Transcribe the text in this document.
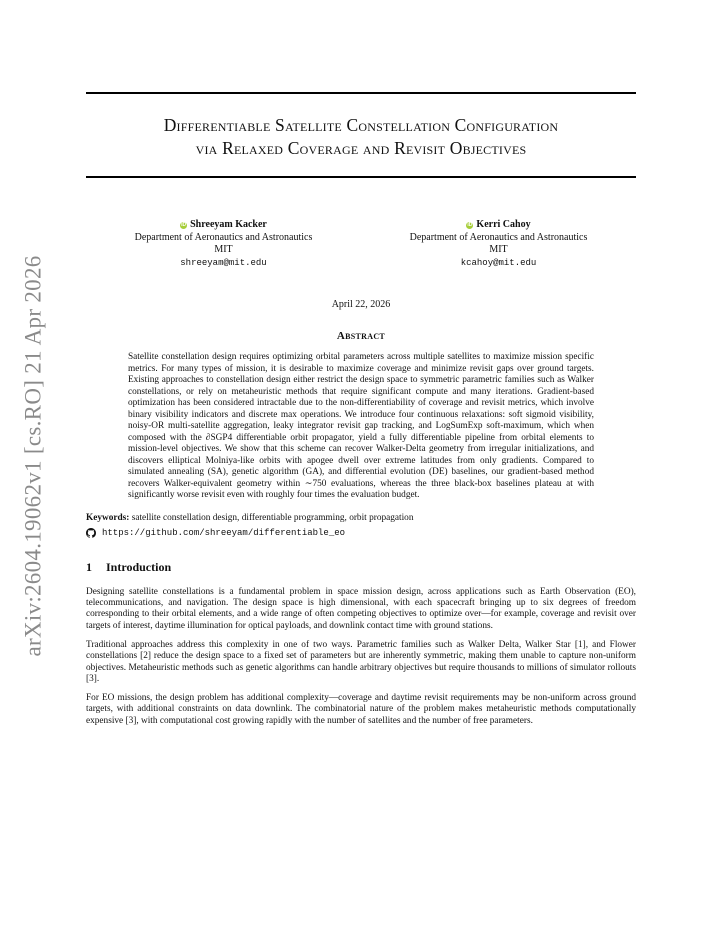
arXiv:2604.19062v1 [cs.RO] 21 Apr 2026
Differentiable Satellite Constellation Configuration
via Relaxed Coverage and Revisit Objectives
iD Shreeyam Kacker
Department of Aeronautics and Astronautics
MIT
shreeyam@mit.edu
iD Kerri Cahoy
Department of Aeronautics and Astronautics
MIT
kcahoy@mit.edu
April 22, 2026
Abstract
Satellite constellation design requires optimizing orbital parameters across multiple satellites to maximize mission specific metrics. For many types of mission, it is desirable to maximize coverage and minimize revisit gaps over ground targets. Existing approaches to constellation design either restrict the design space to symmetric parametric families such as Walker constellations, or rely on metaheuristic methods that require significant compute and many iterations. Gradient-based optimization has been considered intractable due to the non-differentiability of coverage and revisit metrics, which involve binary visibility indicators and discrete max operations. We introduce four continuous relaxations: soft sigmoid visibility, noisy-OR multi-satellite aggregation, leaky integrator revisit gap tracking, and LogSumExp soft-maximum, which when composed with the ∂SGP4 differentiable orbit propagator, yield a fully differentiable pipeline from orbital elements to mission-level objectives. We show that this scheme can recover Walker-Delta geometry from irregular initializations, and discovers elliptical Molniya-like orbits with apogee dwell over extreme latitudes from only gradients. Compared to simulated annealing (SA), genetic algorithm (GA), and differential evolution (DE) baselines, our gradient-based method recovers Walker-equivalent geometry within ∼750 evaluations, whereas the three black-box baselines plateau at with significantly worse revisit even with roughly four times the evaluation budget.
Keywords: satellite constellation design, differentiable programming, orbit propagation
https://github.com/shreeyam/differentiable_eo
1 Introduction
Designing satellite constellations is a fundamental problem in space mission design, across applications such as Earth Observation (EO), telecommunications, and navigation. The design space is high dimensional, with each spacecraft bringing up to six degrees of freedom corresponding to their orbital elements, and a wide range of often competing objectives to optimize over—for example, coverage and revisit over targets of interest, daytime illumination for optical payloads, and downlink contact time with ground stations.
Traditional approaches address this complexity in one of two ways. Parametric families such as Walker Delta, Walker Star [1], and Flower constellations [2] reduce the design space to a fixed set of parameters but are inherently symmetric, making them unable to capture non-uniform objectives. Metaheuristic methods such as genetic algorithms can handle arbitrary objectives but require thousands to millions of simulator rollouts [3].
For EO missions, the design problem has additional complexity—coverage and daytime revisit requirements may be non-uniform across ground targets, with additional constraints on data downlink. The combinatorial nature of the problem makes metaheuristic methods computationally expensive [3], with computational cost growing rapidly with the number of satellites and the number of free parameters.
